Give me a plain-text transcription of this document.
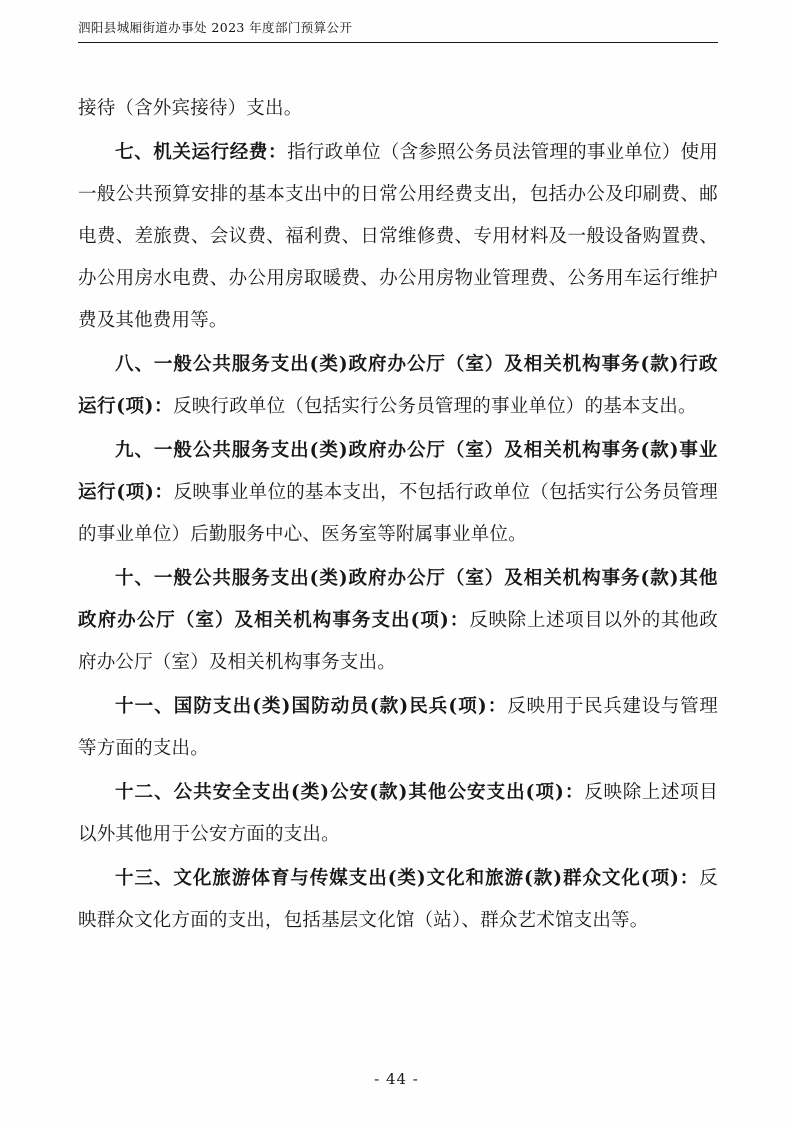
泗阳县城厢街道办事处 2023 年度部门预算公开

接待（含外宾接待）支出。

七、机关运行经费：指行政单位（含参照公务员法管理的事业单位）使用一般公共预算安排的基本支出中的日常公用经费支出，包括办公及印刷费、邮电费、差旅费、会议费、福利费、日常维修费、专用材料及一般设备购置费、办公用房水电费、办公用房取暖费、办公用房物业管理费、公务用车运行维护费及其他费用等。

八、一般公共服务支出(类)政府办公厅（室）及相关机构事务(款)行政运行(项)：反映行政单位（包括实行公务员管理的事业单位）的基本支出。

九、一般公共服务支出(类)政府办公厅（室）及相关机构事务(款)事业运行(项)：反映事业单位的基本支出，不包括行政单位（包括实行公务员管理的事业单位）后勤服务中心、医务室等附属事业单位。

十、一般公共服务支出(类)政府办公厅（室）及相关机构事务(款)其他政府办公厅（室）及相关机构事务支出(项)：反映除上述项目以外的其他政府办公厅（室）及相关机构事务支出。

十一、国防支出(类)国防动员(款)民兵(项)：反映用于民兵建设与管理等方面的支出。

十二、公共安全支出(类)公安(款)其他公安支出(项)：反映除上述项目以外其他用于公安方面的支出。

十三、文化旅游体育与传媒支出(类)文化和旅游(款)群众文化(项)：反映群众文化方面的支出，包括基层文化馆（站）、群众艺术馆支出等。

- 44 -
